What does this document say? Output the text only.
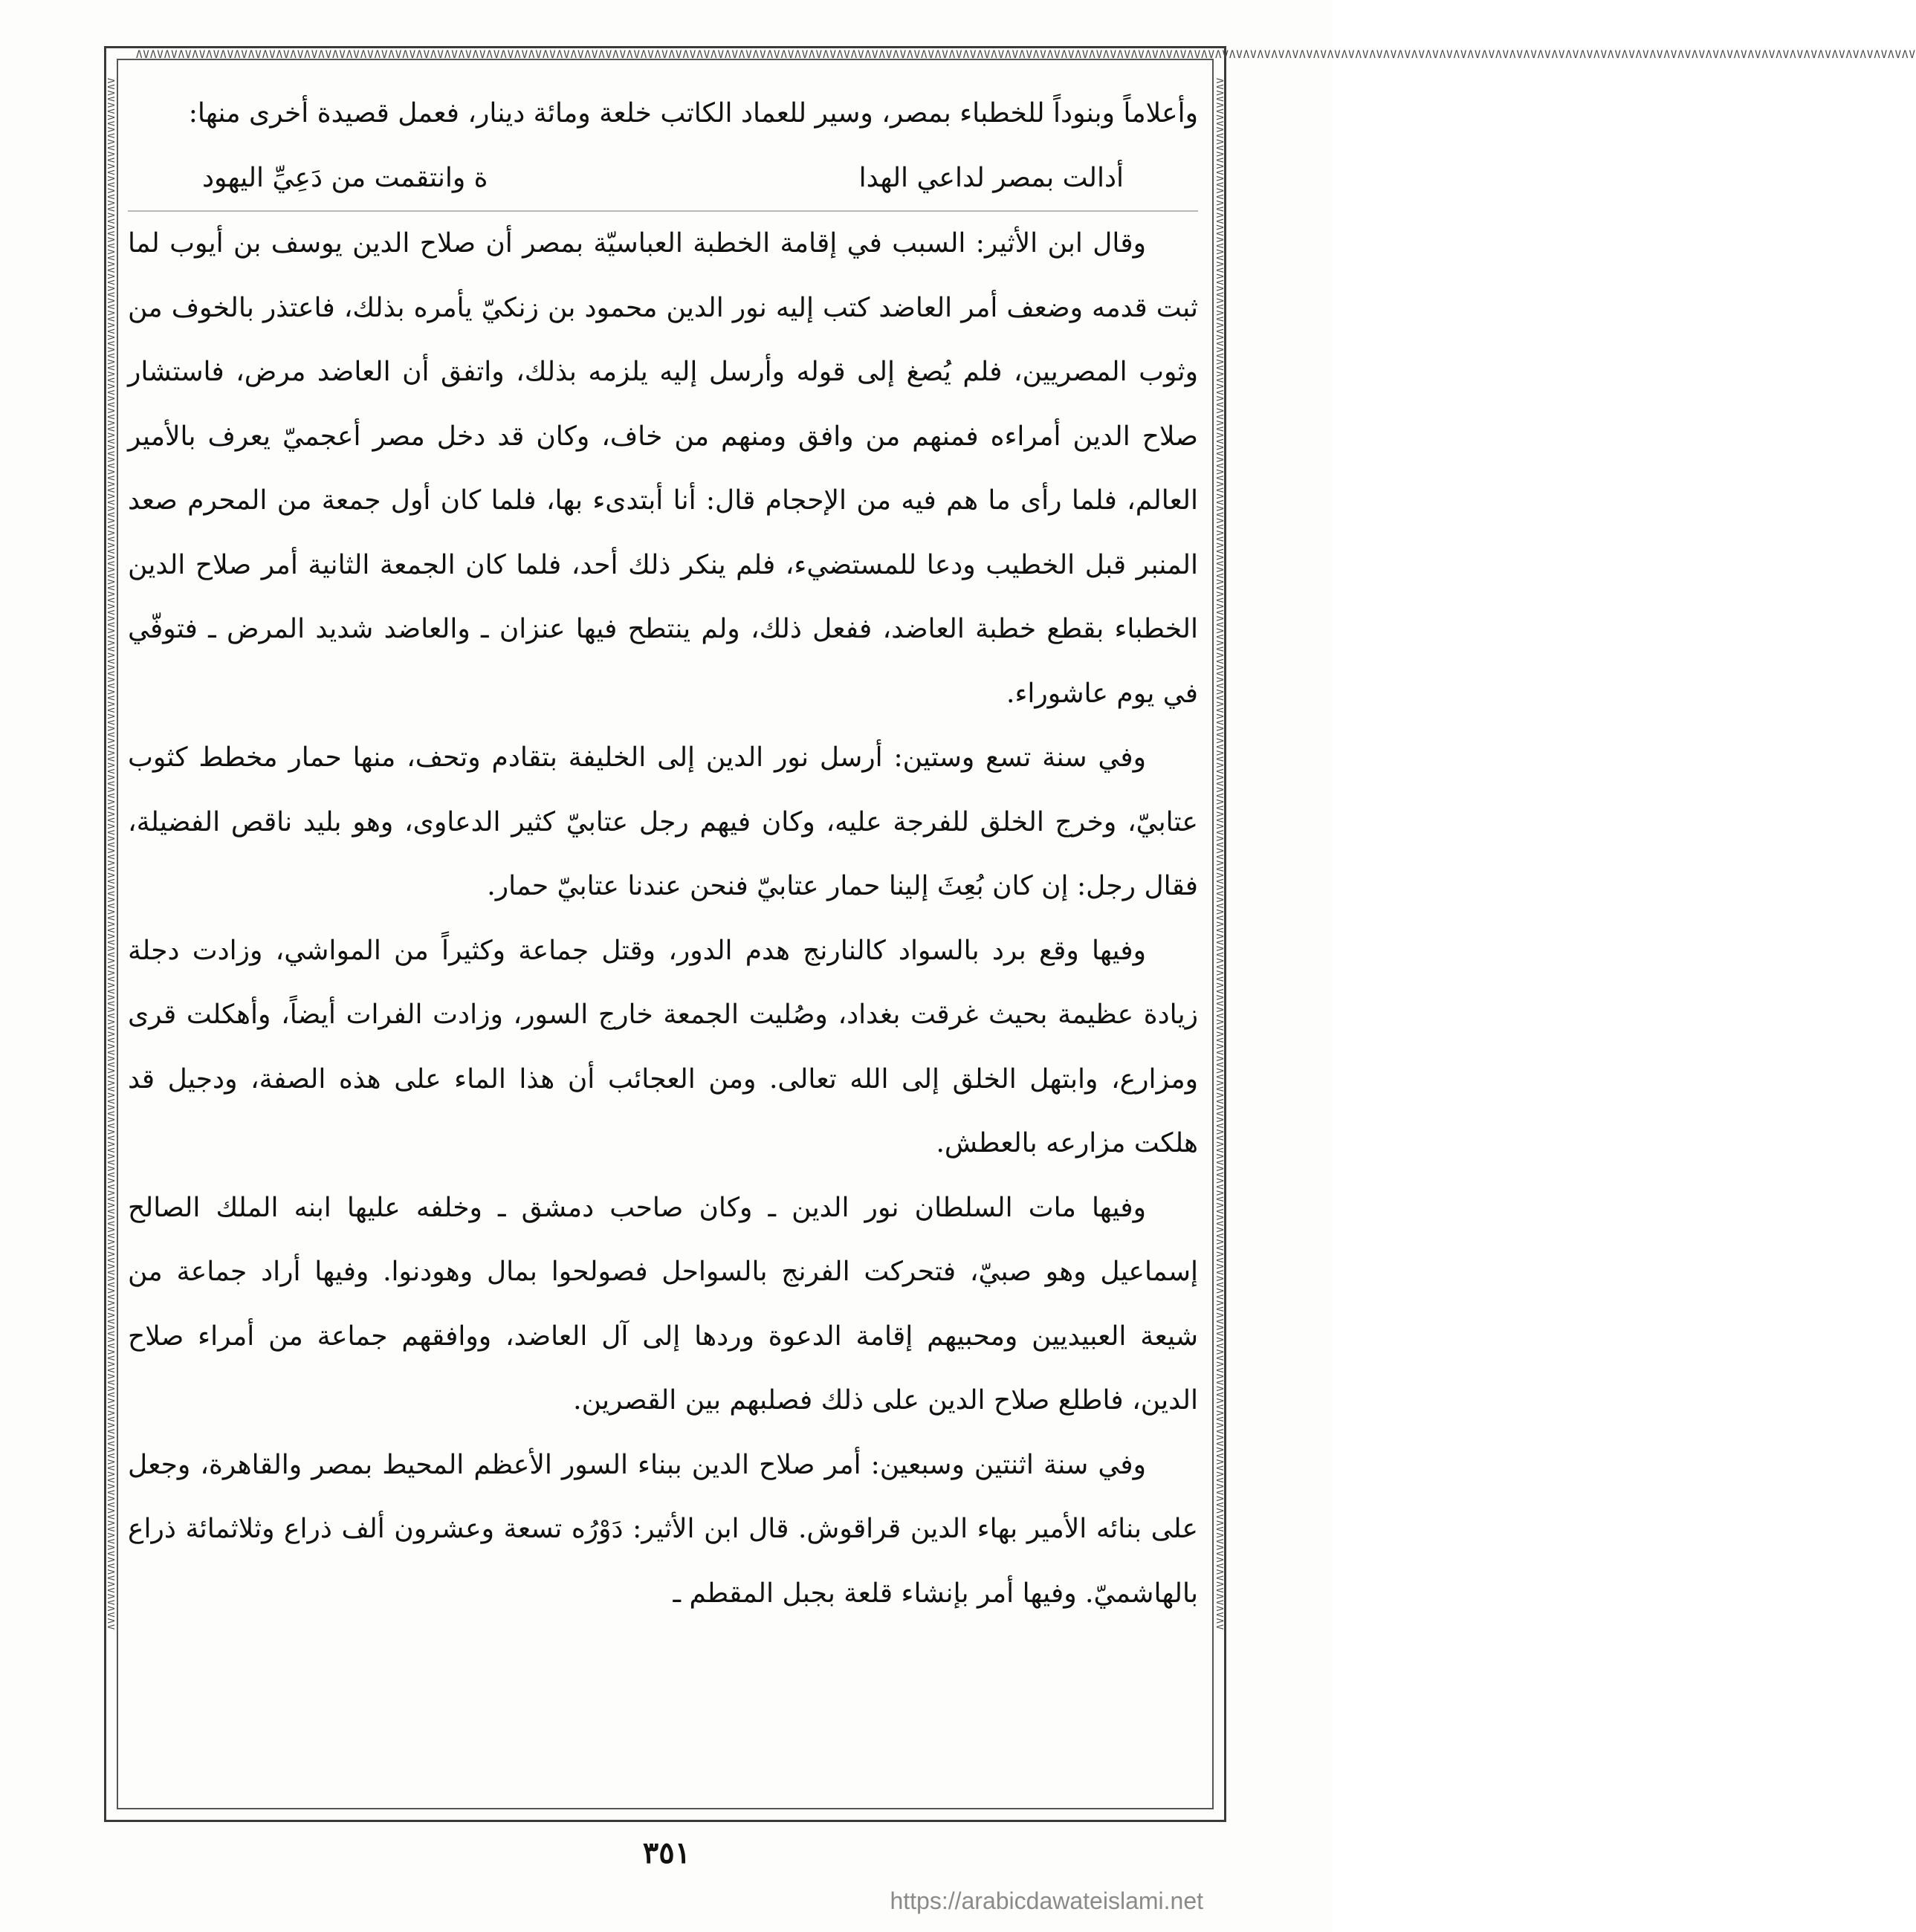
ΛVΛVΛVΛVΛVΛVΛVΛVΛVΛVΛVΛVΛVΛVΛVΛVΛVΛVΛVΛVΛVΛVΛVΛVΛVΛVΛVΛVΛVΛVΛVΛVΛVΛVΛVΛVΛVΛVΛVΛVΛVΛVΛVΛVΛVΛVΛVΛVΛVΛVΛVΛVΛVΛVΛVΛVΛVΛVΛVΛVΛVΛVΛVΛVΛVΛVΛVΛVΛVΛVΛVΛVΛVΛVΛVΛVΛVΛVΛVΛVΛVΛVΛVΛVΛVΛVΛVΛVΛVΛVΛVΛVΛVΛVΛVΛVΛVΛVΛVΛVΛVΛVΛVΛVΛVΛVΛVΛVΛVΛVΛVΛVΛVΛVΛVΛVΛVΛVΛVΛVΛVΛVΛVΛVΛVΛVΛV
ΛVΛVΛVΛVΛVΛVΛVΛVΛVΛVΛVΛVΛVΛVΛVΛVΛVΛVΛVΛVΛVΛVΛVΛVΛVΛVΛVΛVΛVΛVΛVΛVΛVΛVΛVΛVΛVΛVΛVΛVΛVΛVΛVΛVΛVΛVΛVΛVΛVΛVΛVΛVΛVΛVΛVΛVΛVΛVΛVΛVΛVΛVΛVΛVΛVΛVΛVΛVΛVΛVΛVΛVΛVΛVΛVΛVΛVΛVΛVΛVΛVΛVΛVΛVΛVΛVΛVΛVΛVΛVΛVΛVΛVΛVΛVΛVΛVΛVΛVΛVΛVΛVΛVΛVΛVΛVΛVΛVΛVΛVΛVΛVΛVΛVΛVΛVΛVΛVΛVΛVΛVΛVΛVΛVΛVΛVΛV	ΛVΛVΛVΛVΛVΛVΛVΛVΛVΛVΛVΛVΛVΛVΛVΛVΛVΛVΛVΛVΛVΛVΛVΛVΛVΛVΛVΛVΛVΛVΛVΛVΛVΛVΛVΛVΛVΛVΛVΛVΛVΛVΛVΛVΛVΛVΛVΛVΛVΛVΛVΛVΛVΛVΛVΛVΛVΛVΛVΛVΛVΛVΛVΛVΛVΛVΛVΛVΛVΛVΛVΛVΛVΛVΛVΛVΛVΛVΛVΛVΛVΛVΛVΛVΛVΛVΛVΛVΛVΛVΛVΛVΛVΛVΛVΛVΛVΛVΛVΛVΛVΛVΛVΛVΛVΛVΛVΛVΛVΛVΛVΛVΛVΛVΛVΛVΛVΛVΛVΛVΛVΛVΛVΛVΛVΛVΛV

وأعلاماً وبنوداً للخطباء بمصر، وسير للعماد الكاتب خلعة ومائة دينار، فعمل قصيدة أخرى منها:

أدالت بمصر لداعي الهدا
ة وانتقمت من دَعِيِّ اليهود

وقال ابن الأثير: السبب في إقامة الخطبة العباسيّة بمصر أن صلاح الدين يوسف بن أيوب لما ثبت قدمه وضعف أمر العاضد كتب إليه نور الدين محمود بن زنكيّ يأمره بذلك، فاعتذر بالخوف من وثوب المصريين، فلم يُصغ إلى قوله وأرسل إليه يلزمه بذلك، واتفق أن العاضد مرض، فاستشار صلاح الدين أمراءه فمنهم من وافق ومنهم من خاف، وكان قد دخل مصر أعجميّ يعرف بالأمير العالم، فلما رأى ما هم فيه من الإحجام قال: أنا أبتدىء بها، فلما كان أول جمعة من المحرم صعد المنبر قبل الخطيب ودعا للمستضيء، فلم ينكر ذلك أحد، فلما كان الجمعة الثانية أمر صلاح الدين الخطباء بقطع خطبة العاضد، ففعل ذلك، ولم ينتطح فيها عنزان ـ والعاضد شديد المرض ـ فتوفّي في يوم عاشوراء.

وفي سنة تسع وستين: أرسل نور الدين إلى الخليفة بتقادم وتحف، منها حمار مخطط كثوب عتابيّ، وخرج الخلق للفرجة عليه، وكان فيهم رجل عتابيّ كثير الدعاوى، وهو بليد ناقص الفضيلة، فقال رجل: إن كان بُعِثَ إلينا حمار عتابيّ فنحن عندنا عتابيّ حمار.

وفيها وقع برد بالسواد كالنارنج هدم الدور، وقتل جماعة وكثيراً من المواشي، وزادت دجلة زيادة عظيمة بحيث غرقت بغداد، وصُليت الجمعة خارج السور، وزادت الفرات أيضاً، وأهكلت قرى ومزارع، وابتهل الخلق إلى الله تعالى. ومن العجائب أن هذا الماء على هذه الصفة، ودجيل قد هلكت مزارعه بالعطش.

وفيها مات السلطان نور الدين ـ وكان صاحب دمشق ـ وخلفه عليها ابنه الملك الصالح إسماعيل وهو صبيّ، فتحركت الفرنج بالسواحل فصولحوا بمال وهودنوا. وفيها أراد جماعة من شيعة العبيديين ومحبيهم إقامة الدعوة وردها إلى آل العاضد، ووافقهم جماعة من أمراء صلاح الدين، فاطلع صلاح الدين على ذلك فصلبهم بين القصرين.

وفي سنة اثنتين وسبعين: أمر صلاح الدين ببناء السور الأعظم المحيط بمصر والقاهرة، وجعل على بنائه الأمير بهاء الدين قراقوش. قال ابن الأثير: دَوْرُه تسعة وعشرون ألف ذراع وثلاثمائة ذراع بالهاشميّ. وفيها أمر بإنشاء قلعة بجبل المقطم ـ

٣٥١
https://arabicdawateislami.net
